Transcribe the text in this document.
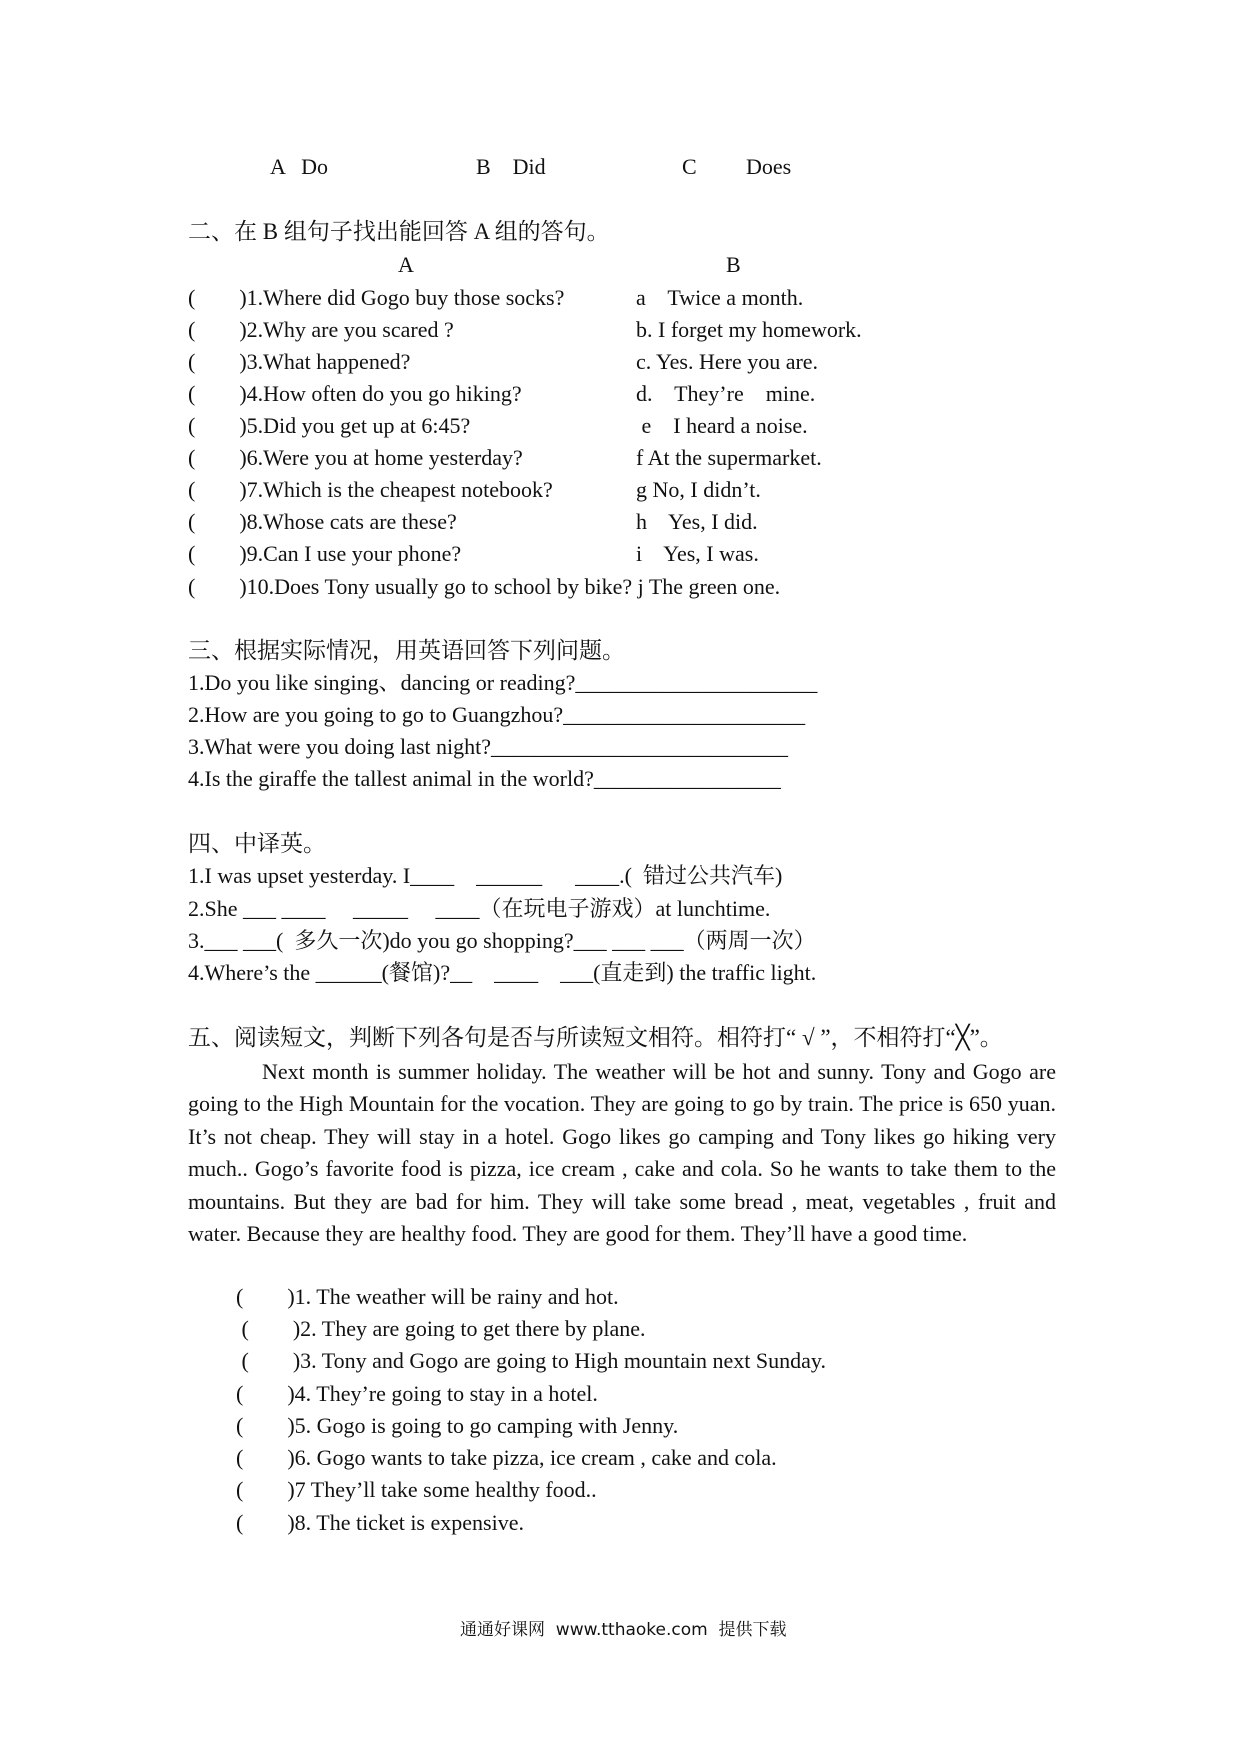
A   Do	B    Did	C Does
二、在 B 组句子找出能回答 A 组的答句。
A	B
(        )1.Where did Gogo buy those socks?	a    Twice a month.
(        )2.Why are you scared ?	b. I forget my homework.
(        )3.What happened?	c. Yes. Here you are.
(        )4.How often do you go hiking?	d.    They’re    mine.
(        )5.Did you get up at 6:45?	e    I heard a noise.
(        )6.Were you at home yesterday?	f At the supermarket.
(        )7.Which is the cheapest notebook?	g No, I didn’t.
(        )8.Whose cats are these?	h    Yes, I did.
(        )9.Can I use your phone?	i    Yes, I was.
(        )10.Does Tony usually go to school by bike? j The green one.
三、根据实际情况，用英语回答下列问题。
1.Do you like singing、dancing or reading?______________________
2.How are you going to go to Guangzhou?______________________
3.What were you doing last night?___________________________
4.Is the giraffe the tallest animal in the world?_________________
四、中译英。
1.I was upset yesterday. I____    ______      ____.(  错过公共汽车)
2.She ___ ____     _____     ____（在玩电子游戏）at lunchtime.
3.___ ___(  多久一次)do you go shopping?___ ___ ___（两周一次）
4.Where’s the ______(餐馆)?__    ____    ___(直走到) the traffic light.
五、阅读短文，判断下列各句是否与所读短文相符。相符打“ √ ”，不相符打“╳”。
Next month is summer holiday. The weather will be hot and sunny. Tony and Gogo are going to the High Mountain for the vocation. They are going to go by train. The price is 650 yuan. It’s not cheap. They will stay in a hotel. Gogo likes go camping and Tony likes go hiking very much.. Gogo’s favorite food is pizza, ice cream , cake and cola. So he wants to take them to the mountains. But they are bad for him. They will take some bread , meat, vegetables , fruit and water. Because they are healthy food. They are good for them. They’ll have a good time.
(        )1. The weather will be rainy and hot.
(        )2. They are going to get there by plane.
(        )3. Tony and Gogo are going to High mountain next Sunday.
(        )4. They’re going to stay in a hotel.
(        )5. Gogo is going to go camping with Jenny.
(        )6. Gogo wants to take pizza, ice cream , cake and cola.
(        )7 They’ll take some healthy food..
(        )8. The ticket is expensive.
通通好课网  www.tthaoke.com  提供下载
